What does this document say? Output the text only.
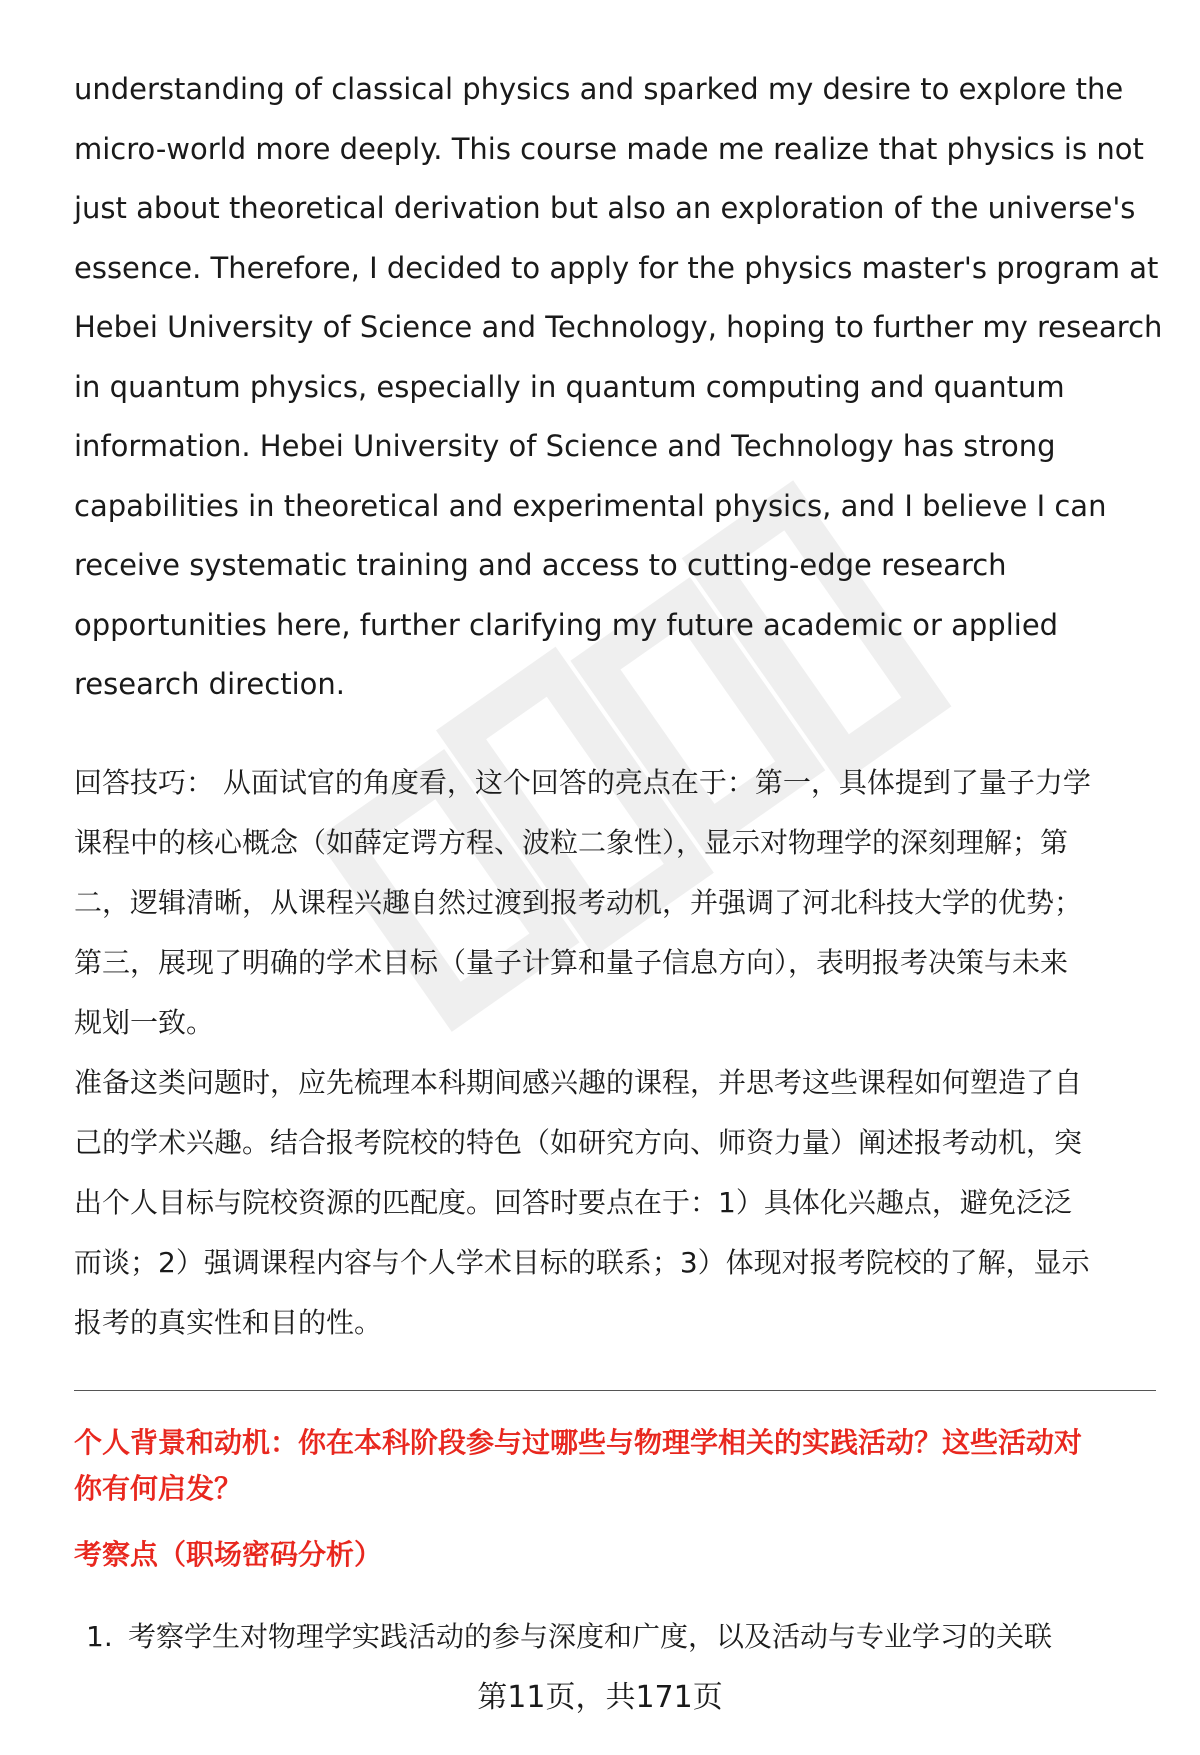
understanding of classical physics and sparked my desire to explore the
micro-world more deeply. This course made me realize that physics is not
just about theoretical derivation but also an exploration of the universe's
essence. Therefore, I decided to apply for the physics master's program at
Hebei University of Science and Technology, hoping to further my research
in quantum physics, especially in quantum computing and quantum
information. Hebei University of Science and Technology has strong
capabilities in theoretical and experimental physics, and I believe I can
receive systematic training and access to cutting-edge research
opportunities here, further clarifying my future academic or applied
research direction.

回答技巧： 从面试官的角度看，这个回答的亮点在于：第一，具体提到了量子力学
课程中的核心概念（如薛定谔方程、波粒二象性），显示对物理学的深刻理解；第
二，逻辑清晰，从课程兴趣自然过渡到报考动机，并强调了河北科技大学的优势；
第三，展现了明确的学术目标（量子计算和量子信息方向），表明报考决策与未来
规划一致。

准备这类问题时，应先梳理本科期间感兴趣的课程，并思考这些课程如何塑造了自
己的学术兴趣。结合报考院校的特色（如研究方向、师资力量）阐述报考动机，突
出个人目标与院校资源的匹配度。回答时要点在于：1）具体化兴趣点，避免泛泛
而谈；2）强调课程内容与个人学术目标的联系；3）体现对报考院校的了解，显示
报考的真实性和目的性。

个人背景和动机：你在本科阶段参与过哪些与物理学相关的实践活动？这些活动对
你有何启发？

考察点（职场密码分析）

1. 考察学生对物理学实践活动的参与深度和广度，以及活动与专业学习的关联

第11页，共171页
